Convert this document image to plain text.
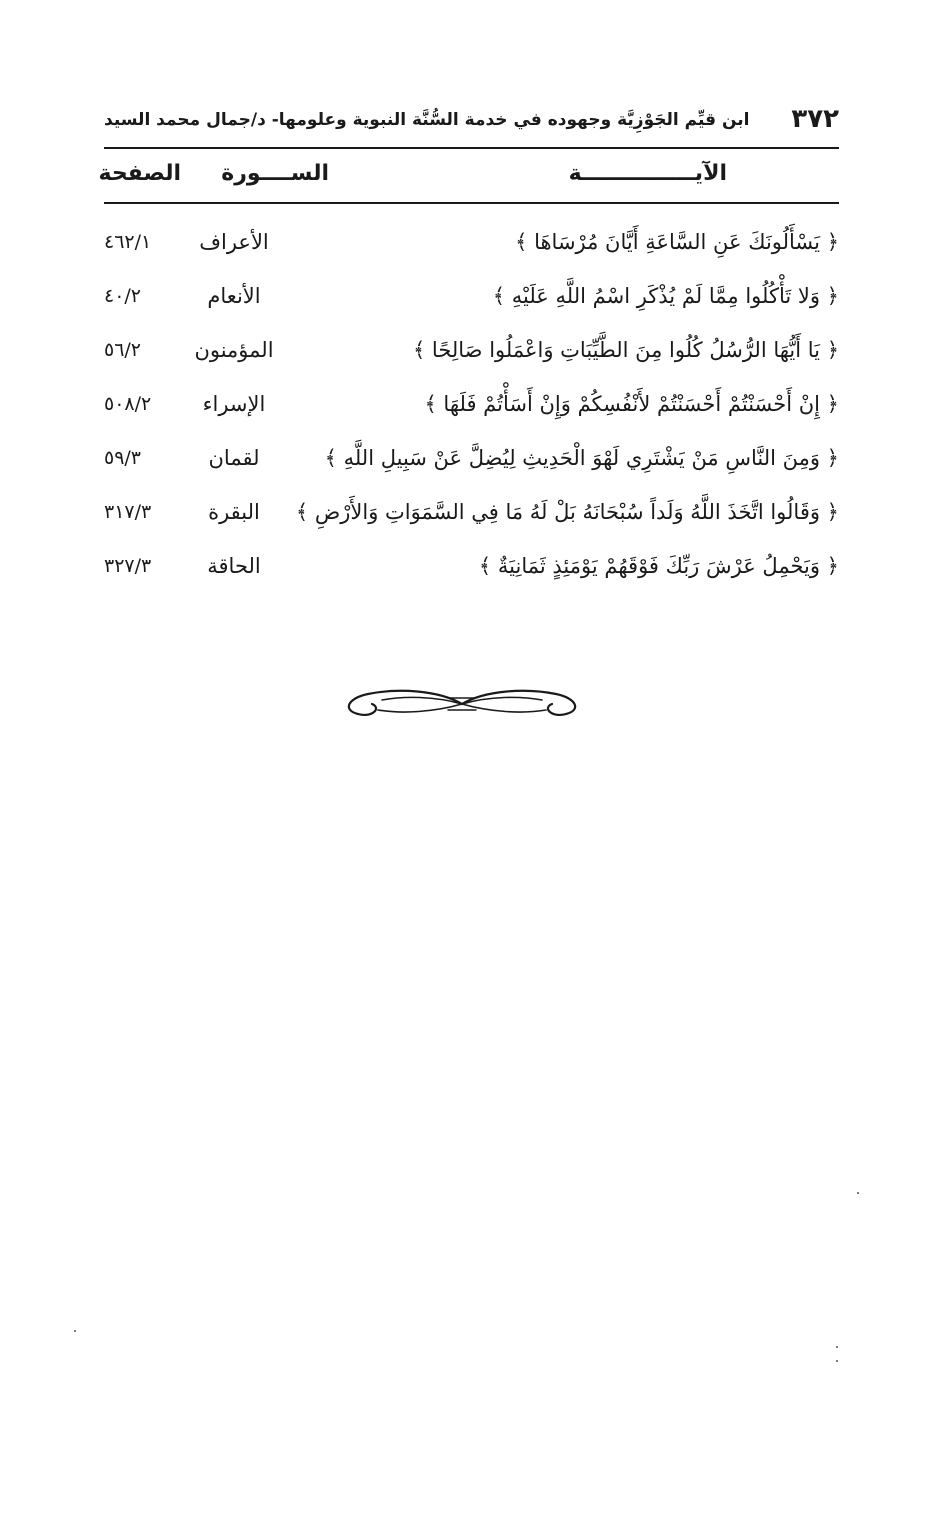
٣٧٢
ابن قيِّم الجَوْزِيَّة وجهوده في خدمة السُّنَّة النبوية وعلومها- د/جمال محمد السيد
الآيـــــــــــــــة
الســــورة
الصفحة
﴿ يَسْأَلُونَكَ عَنِ السَّاعَةِ أَيَّانَ مُرْسَاهَا ﴾
الأعراف
٤٦٢/١
﴿ وَلا تَأْكُلُوا مِمَّا لَمْ يُذْكَرِ اسْمُ اللَّهِ عَلَيْهِ ﴾
الأنعام
٤٠/٢
﴿ يَا أَيُّهَا الرُّسُلُ كُلُوا مِنَ الطَّيِّبَاتِ وَاعْمَلُوا صَالِحًا ﴾
المؤمنون
٥٦/٢
﴿ إِنْ أَحْسَنْتُمْ أَحْسَنْتُمْ لأَنْفُسِكُمْ وَإِنْ أَسَأْتُمْ فَلَهَا ﴾
الإسراء
٥٠٨/٢
﴿ وَمِنَ النَّاسِ مَنْ يَشْتَرِي لَهْوَ الْحَدِيثِ لِيُضِلَّ عَنْ سَبِيلِ اللَّهِ ﴾
لقمان
٥٩/٣
﴿ وَقَالُوا اتَّخَذَ اللَّهُ وَلَداً سُبْحَانَهُ بَلْ لَهُ مَا فِي السَّمَوَاتِ وَالأَرْضِ ﴾
البقرة
٣١٧/٣
﴿ وَيَحْمِلُ عَرْشَ رَبِّكَ فَوْقَهُمْ يَوْمَئِذٍ ثَمَانِيَةٌ ﴾
الحاقة
٣٢٧/٣
